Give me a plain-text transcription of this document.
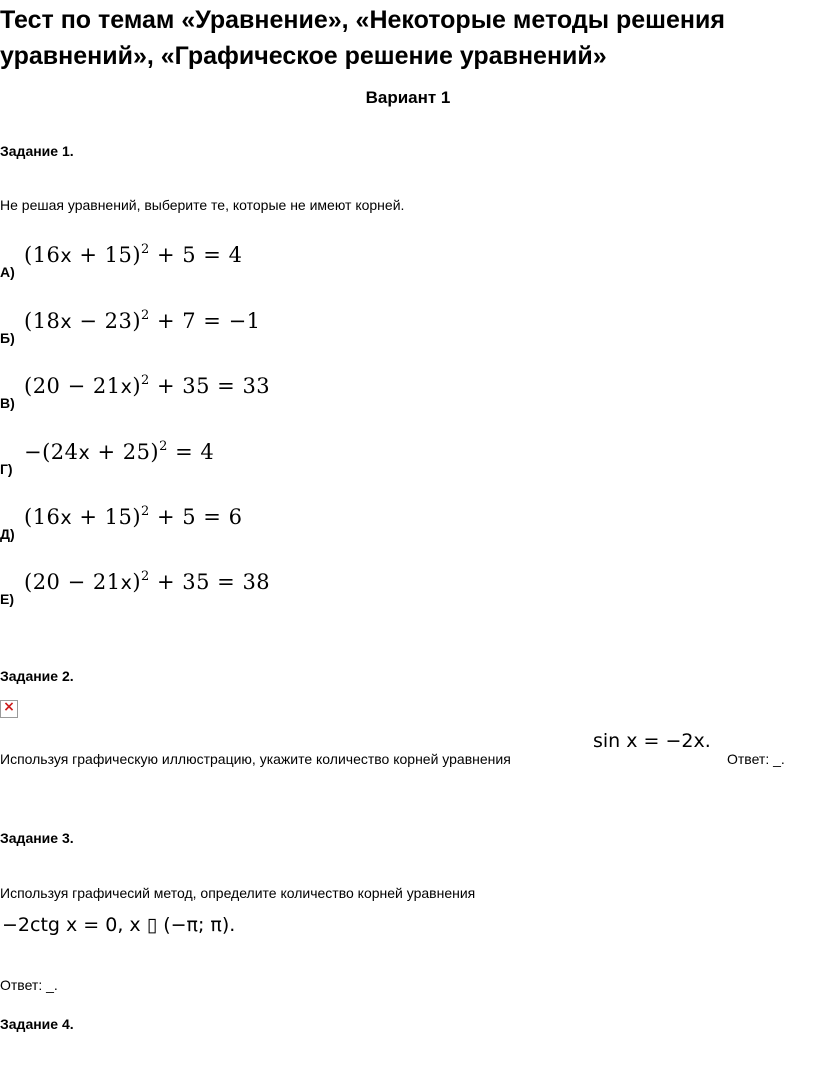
Тест по темам «Уравнение», «Некоторые методы решения
уравнений», «Графическое решение уравнений»
Вариант 1
Задание 1.
Не решая уравнений, выберите те, которые не имеют корней.
А)
$(16x + 15)^2 + 5 = 4$
Б)
$(18x - 23)^2 + 7 = -1$
В)
$(20 - 21x)^2 + 35 = 33$
Г)
$-(24x + 25)^2 = 4$
Д)
$(16x + 15)^2 + 5 = 6$
Е)
$(20 - 21x)^2 + 35 = 38$
Задание 2.
×
Используя графическую иллюстрацию, укажите количество корней уравнения
sin x = −2x.
Ответ: _.
Задание 3.
Используя графичесий метод, определите количество корней уравнения
−2ctg x = 0, x ▯ (−π; π).
Ответ: _.
Задание 4.
